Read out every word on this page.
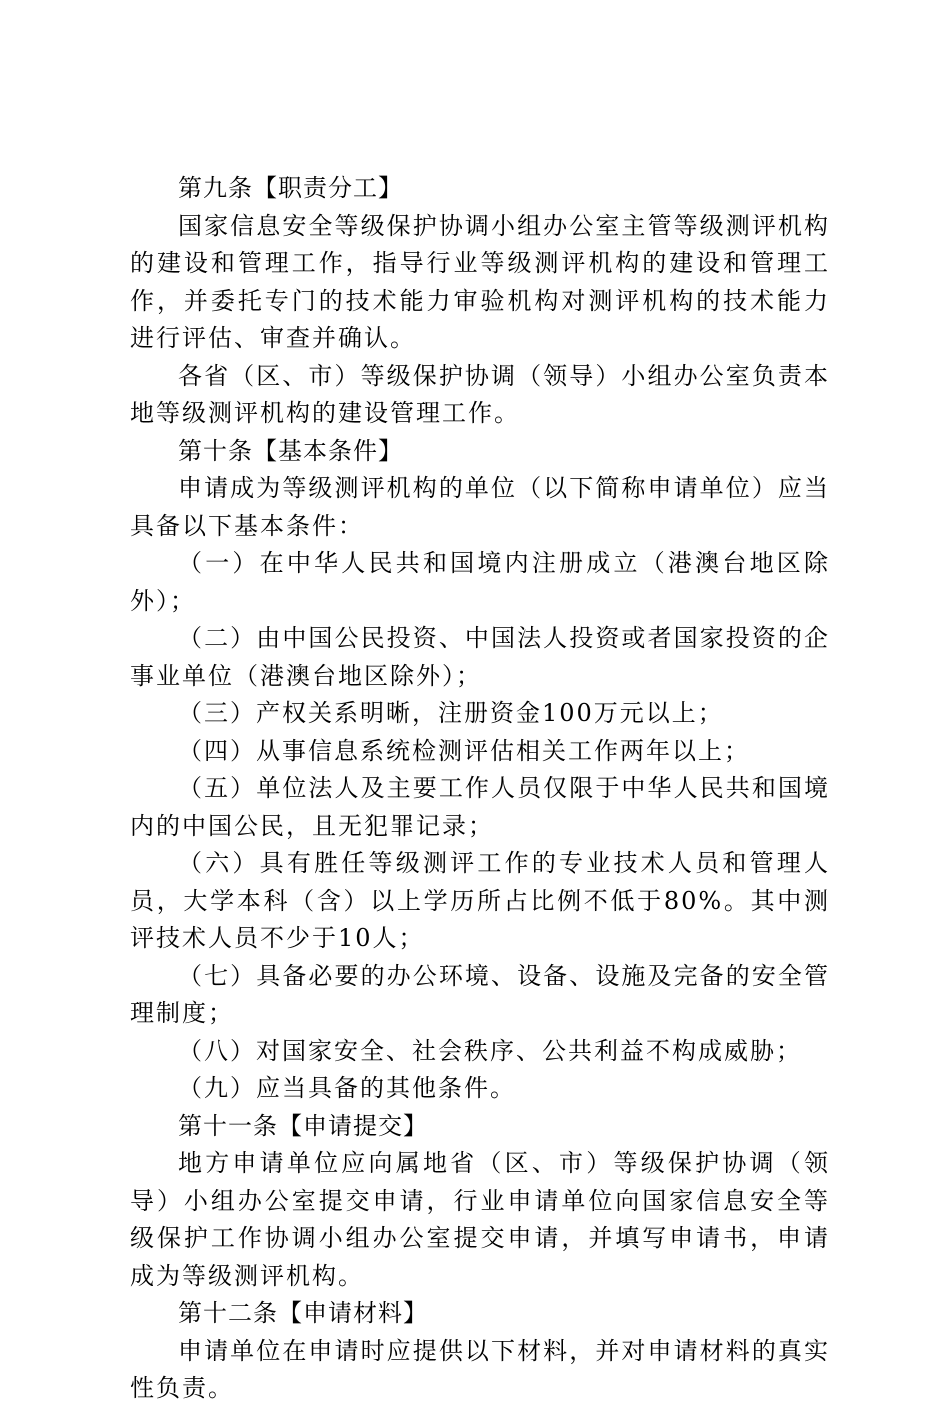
第九条【职责分工】

国家信息安全等级保护协调小组办公室主管等级测评机构的建设和管理工作，指导行业等级测评机构的建设和管理工作，并委托专门的技术能力审验机构对测评机构的技术能力进行评估、审查并确认。

各省（区、市）等级保护协调（领导）小组办公室负责本地等级测评机构的建设管理工作。

第十条【基本条件】

申请成为等级测评机构的单位（以下简称申请单位）应当具备以下基本条件：

（一）在中华人民共和国境内注册成立（港澳台地区除外）；

（二）由中国公民投资、中国法人投资或者国家投资的企事业单位（港澳台地区除外）；

（三）产权关系明晰，注册资金100万元以上；

（四）从事信息系统检测评估相关工作两年以上；

（五）单位法人及主要工作人员仅限于中华人民共和国境内的中国公民，且无犯罪记录；

（六）具有胜任等级测评工作的专业技术人员和管理人员，大学本科（含）以上学历所占比例不低于80%。其中测评技术人员不少于10人；

（七）具备必要的办公环境、设备、设施及完备的安全管理制度；

（八）对国家安全、社会秩序、公共利益不构成威胁；

（九）应当具备的其他条件。

第十一条【申请提交】

地方申请单位应向属地省（区、市）等级保护协调（领导）小组办公室提交申请，行业申请单位向国家信息安全等级保护工作协调小组办公室提交申请，并填写申请书，申请成为等级测评机构。

第十二条【申请材料】

申请单位在申请时应提供以下材料，并对申请材料的真实性负责。
